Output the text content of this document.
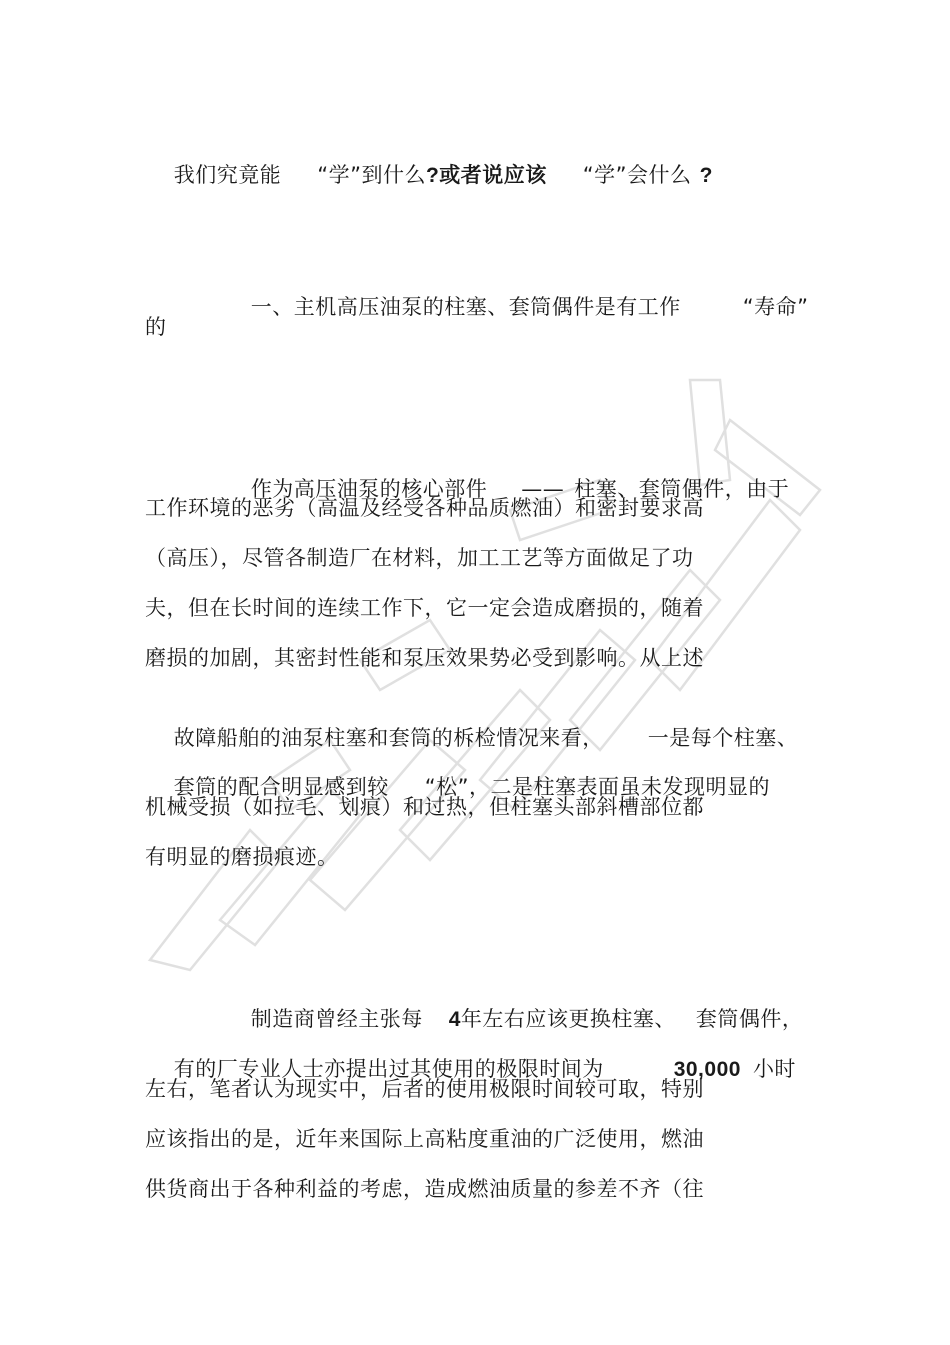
我们究竟能 “学”到什么?或者说应该 “学”会什么 ?

一、主机高压油泵的柱塞、套筒偶件是有工作	“寿命”

的

作为高压油泵的核心部件 —— 柱塞、套筒偶件，由于

工作环境的恶劣（高温及经受各种品质燃油）和密封要求高
（高压），尽管各制造厂在材料，加工工艺等方面做足了功
夫，但在长时间的连续工作下，它一定会造成磨损的，随着
磨损的加剧，其密封性能和泵压效果势必受到影响。从上述

故障船舶的油泵柱塞和套筒的柝检情况来看， 一是每个柱塞、

套筒的配合明显感到较 “松”，二是柱塞表面虽未发现明显的

机械受损（如拉毛、划痕）和过热，但柱塞头部斜槽部位都
有明显的磨损痕迹。

制造商曾经主张每 4年左右应该更换柱塞、 套筒偶件，

有的厂专业人士亦提出过其使用的极限时间为	30,000 小时

左右，笔者认为现实中，后者的使用极限时间较可取，特别
应该指出的是，近年来国际上高粘度重油的广泛使用，燃油
供货商出于各种利益的考虑，造成燃油质量的参差不齐（往
